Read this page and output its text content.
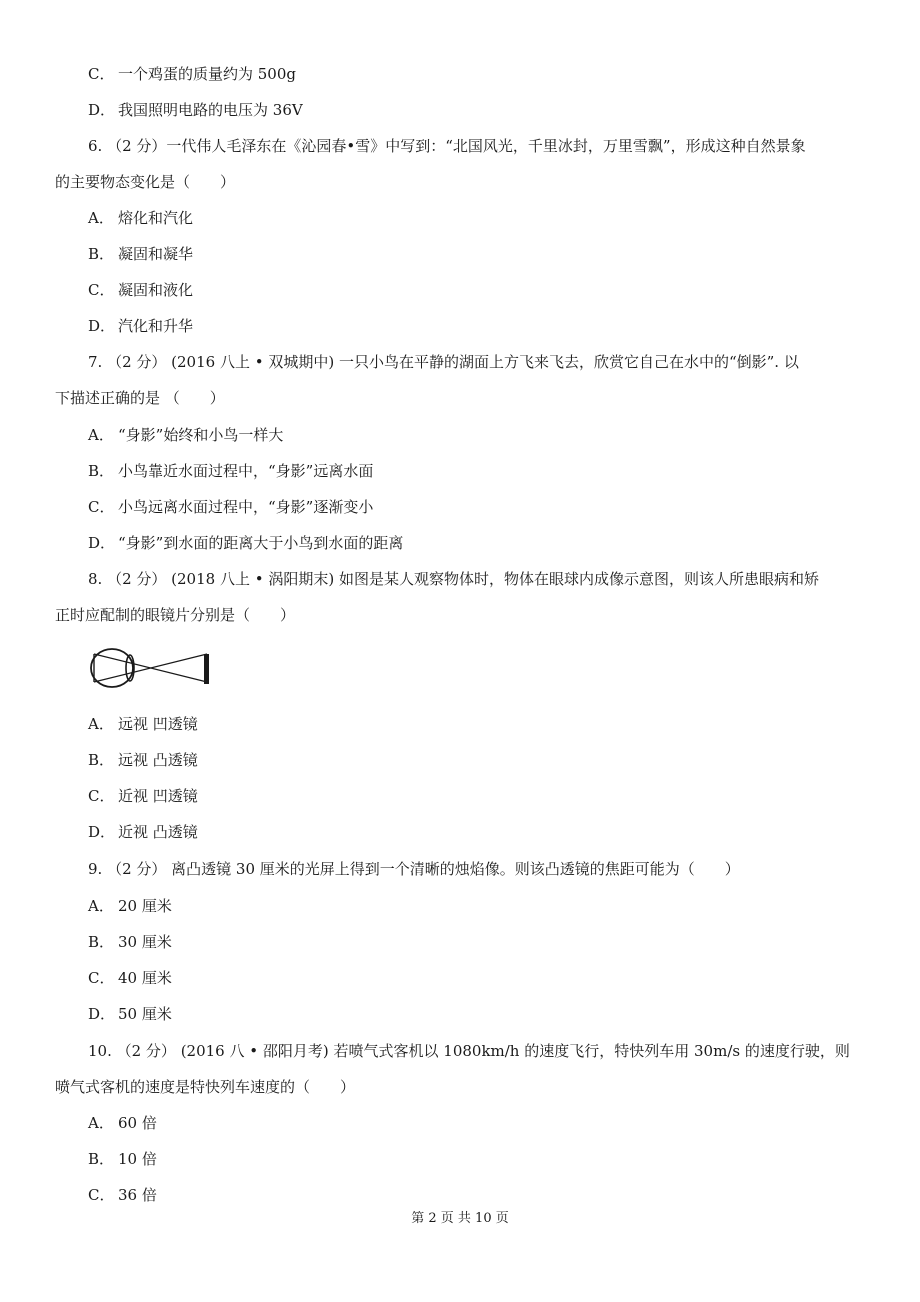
C． 一个鸡蛋的质量约为 500g
D． 我国照明电路的电压为 36V
6. （2 分）一代伟人毛泽东在《沁园春•雪》中写到：“北国风光，千里冰封，万里雪飘”，形成这种自然景象
的主要物态变化是（　　）
A． 熔化和汽化
B． 凝固和凝华
C． 凝固和液化
D． 汽化和升华
7. （2 分） (2016 八上 • 双城期中) 一只小鸟在平静的湖面上方飞来飞去，欣赏它自己在水中的“倒影”. 以
下描述正确的是 （　　）
A． “身影”始终和小鸟一样大
B． 小鸟靠近水面过程中，“身影”远离水面
C． 小鸟远离水面过程中，“身影”逐渐变小
D． “身影”到水面的距离大于小鸟到水面的距离
8. （2 分） (2018 八上 • 涡阳期末) 如图是某人观察物体时，物体在眼球内成像示意图，则该人所患眼病和矫
正时应配制的眼镜片分别是（　　）
A． 远视 凹透镜
B． 远视 凸透镜
C． 近视 凹透镜
D． 近视 凸透镜
9. （2 分） 离凸透镜 30 厘米的光屏上得到一个清晰的烛焰像。则该凸透镜的焦距可能为（　　）
A． 20 厘米
B． 30 厘米
C． 40 厘米
D． 50 厘米
10. （2 分） (2016 八 • 邵阳月考) 若喷气式客机以 1080km/h 的速度飞行，特快列车用 30m/s 的速度行驶，则
喷气式客机的速度是特快列车速度的（　　）
A． 60 倍
B． 10 倍
C． 36 倍
第 2 页 共 10 页
